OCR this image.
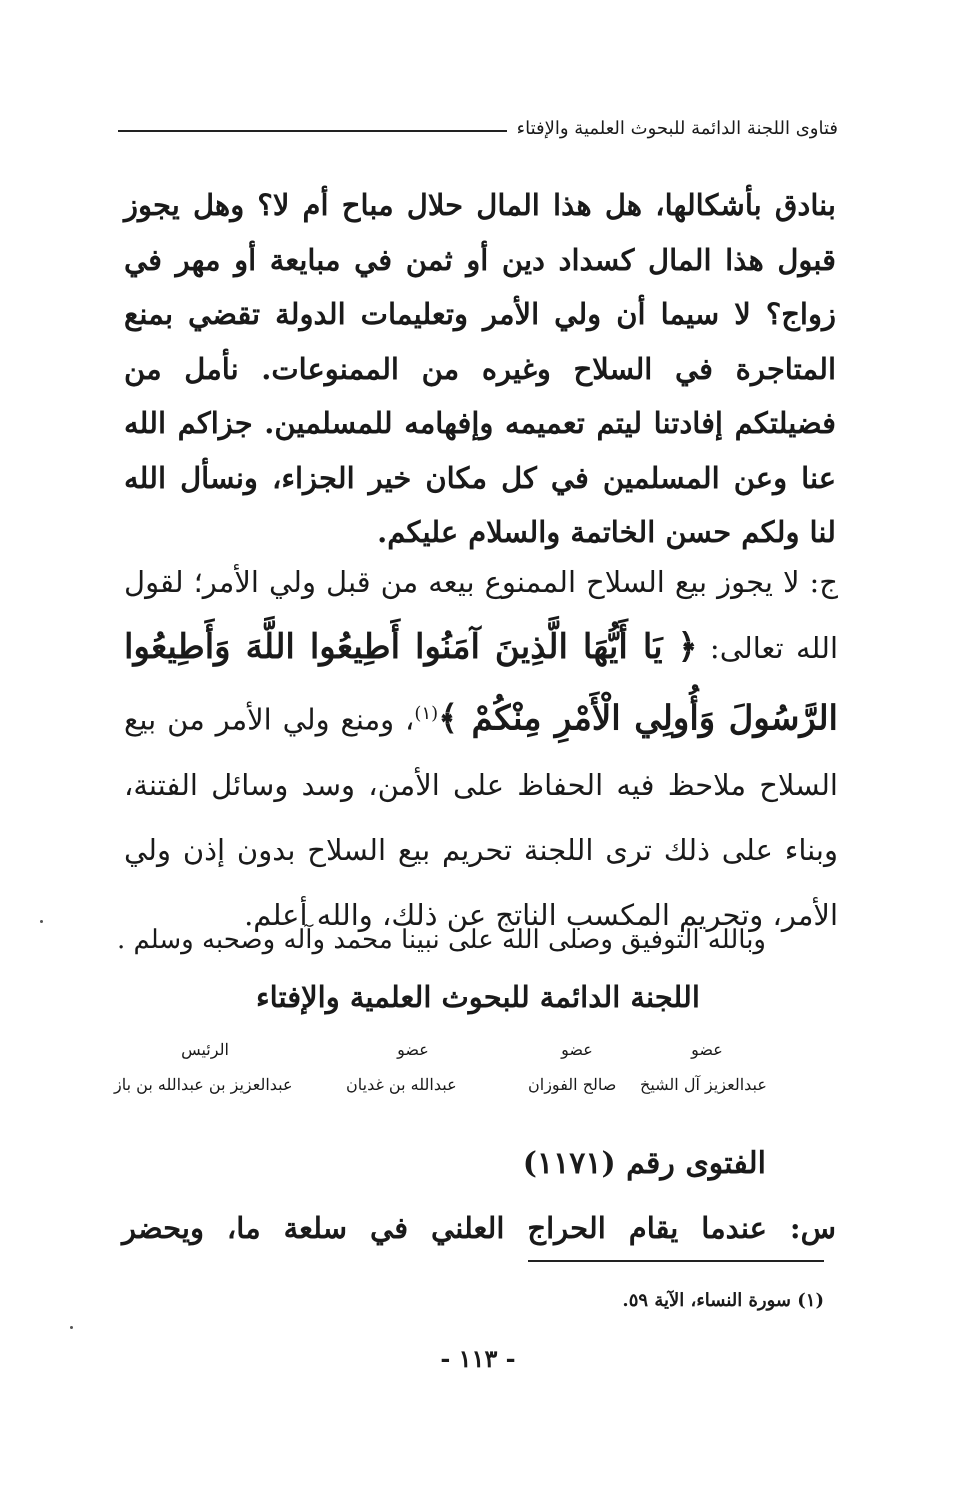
فتاوى اللجنة الدائمة للبحوث العلمية والإفتاء

بنادق بأشكالها، هل هذا المال حلال مباح أم لا؟ وهل يجوز قبول هذا المال كسداد دين أو ثمن في مبايعة أو مهر في زواج؟ لا سيما أن ولي الأمر وتعليمات الدولة تقضي بمنع المتاجرة في السلاح وغيره من الممنوعات. نأمل من فضيلتكم إفادتنا ليتم تعميمه وإفهامه للمسلمين. جزاكم الله عنا وعن المسلمين في كل مكان خير الجزاء، ونسأل الله لنا ولكم حسن الخاتمة والسلام عليكم.

ج: لا يجوز بيع السلاح الممنوع بيعه من قبل ولي الأمر؛ لقول الله تعالى: ﴿ يَا أَيُّهَا الَّذِينَ آمَنُوا أَطِيعُوا اللَّهَ وَأَطِيعُوا الرَّسُولَ وَأُولِي الْأَمْرِ مِنْكُمْ ﴾$^{(١)}$، ومنع ولي الأمر من بيع السلاح ملاحظ فيه الحفاظ على الأمن، وسد وسائل الفتنة، وبناء على ذلك ترى اللجنة تحريم بيع السلاح بدون إذن ولي الأمر، وتحريم المكسب الناتج عن ذلك، والله أعلم.

وبالله التوفيق وصلى الله على نبينا محمد وآله وصحبه وسلم .
اللجنة الدائمة للبحوث العلمية والإفتاء
عضو
عبدالعزيز آل الشيخ
عضو
صالح الفوزان
عضو
عبدالله بن غديان
الرئيس
عبدالعزيز بن عبدالله بن باز
الفتوى رقم (١١٧١)
س: عندما يقام الحراج العلني في سلعة ما، ويحضر
(١) سورة النساء، الآية ٥٩.
- ١١٣ -
